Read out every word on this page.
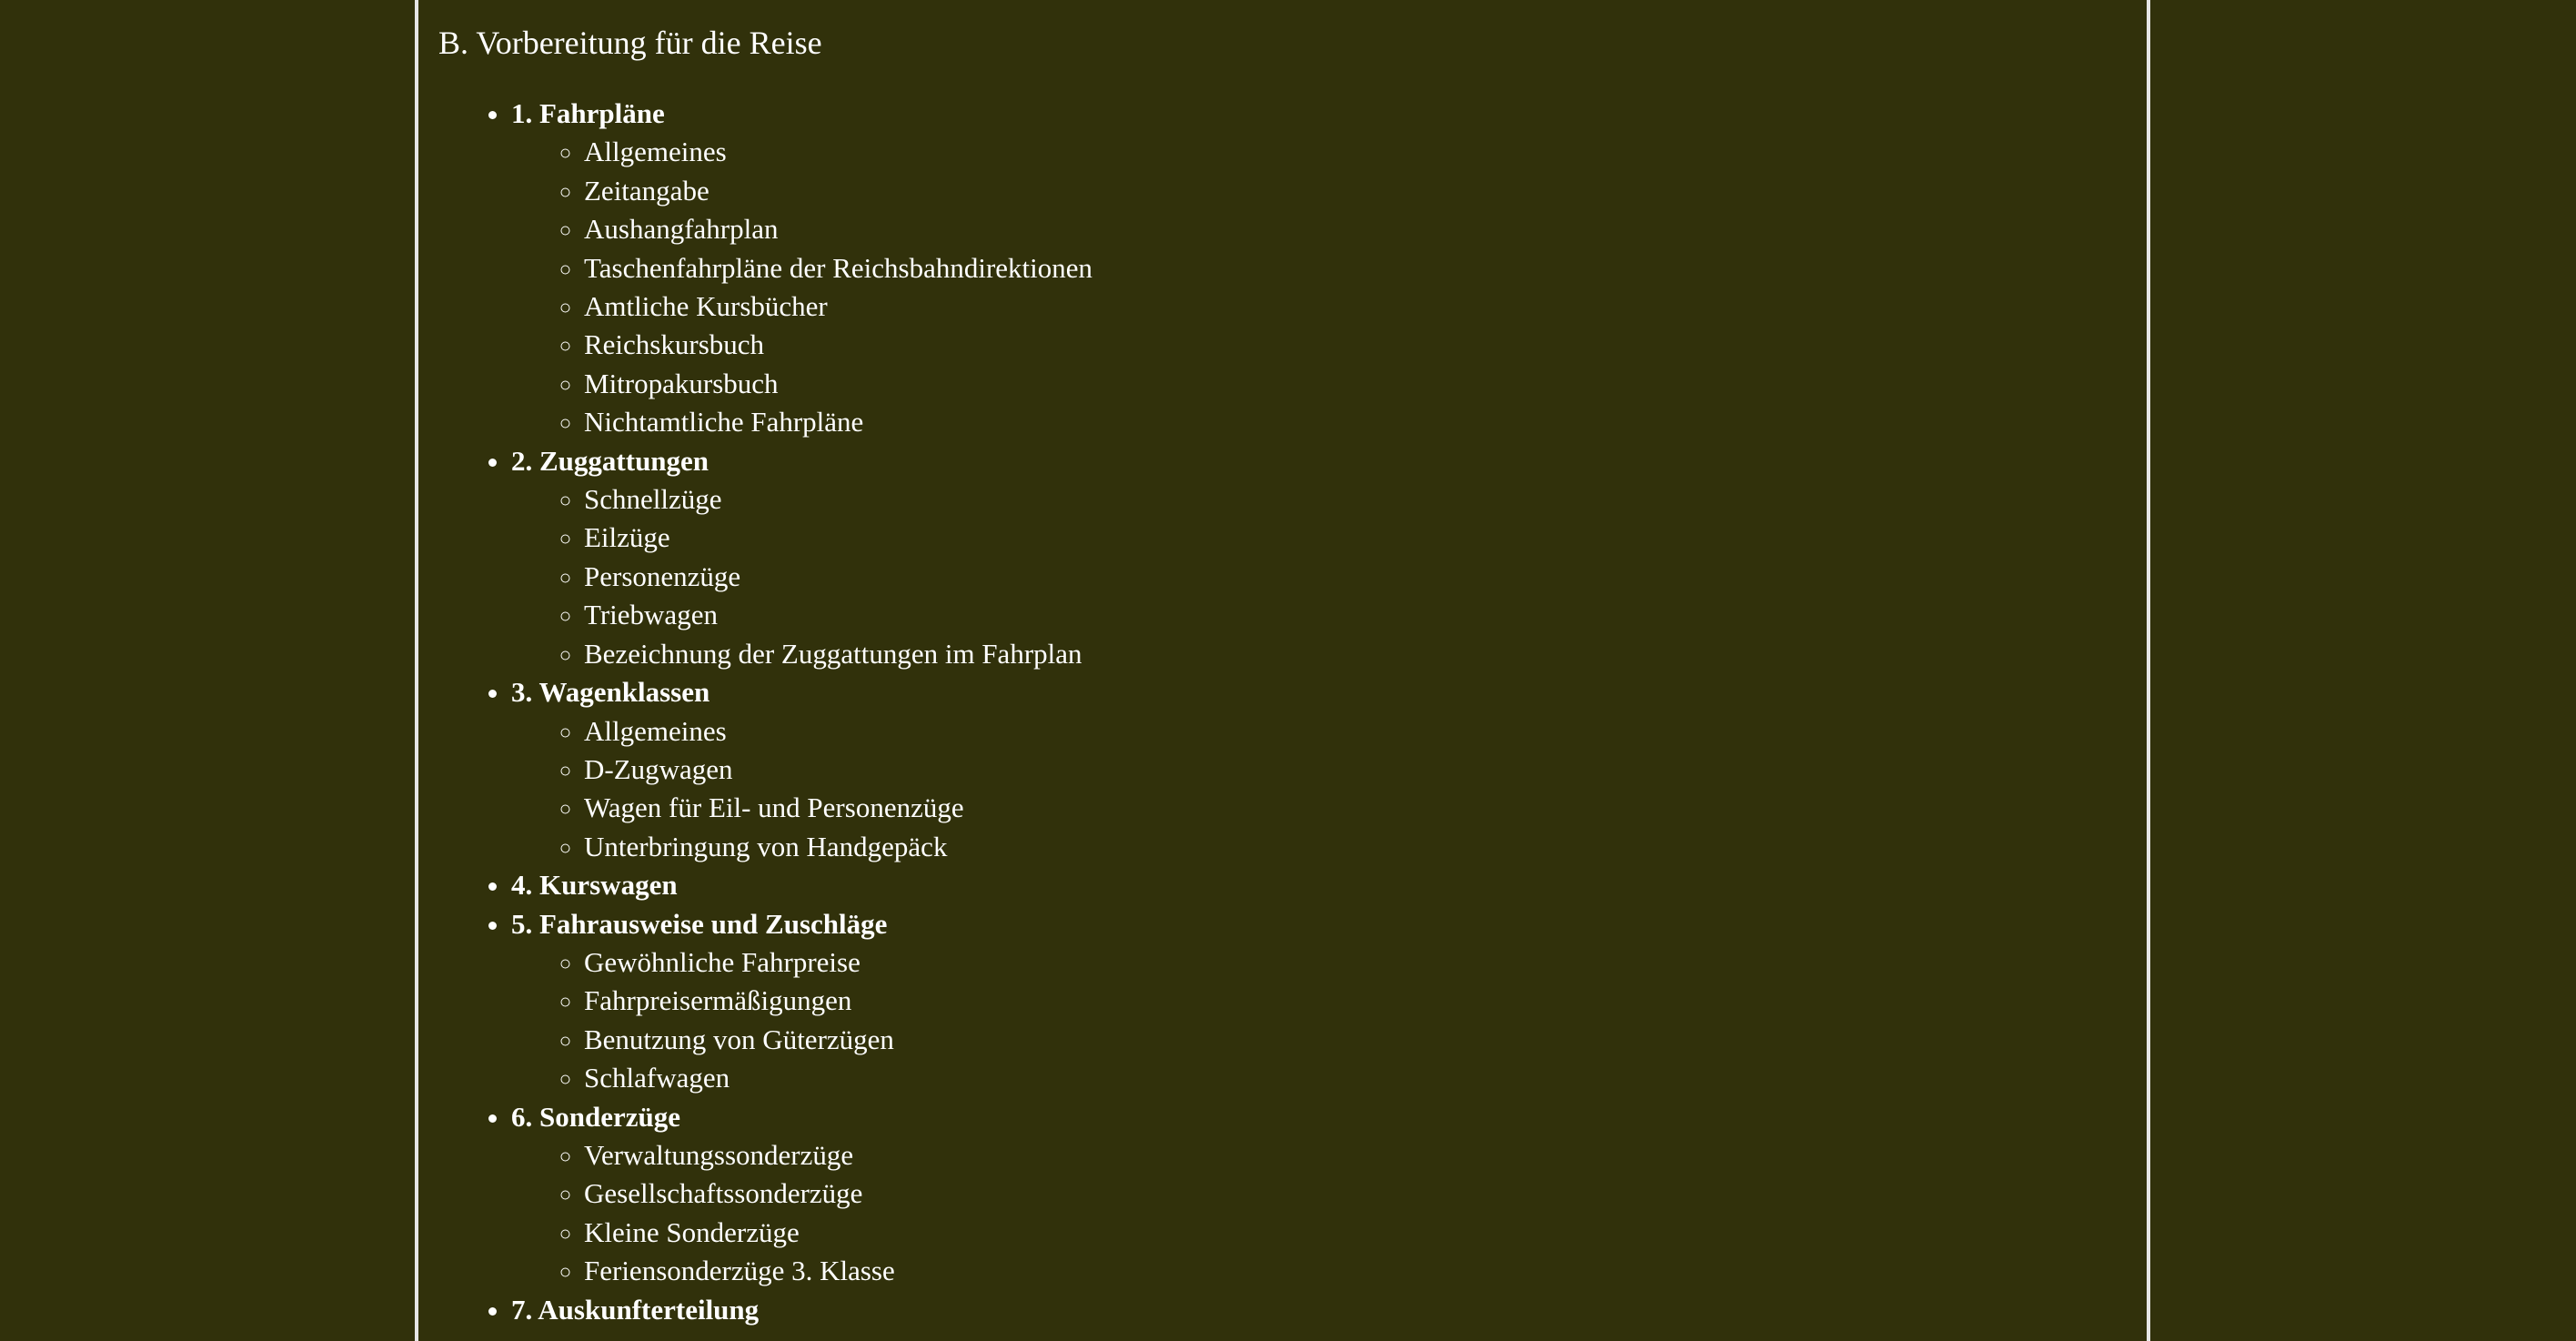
B. Vorbereitung für die Reise
• 1. Fahrpläne
◦ Allgemeines
◦ Zeitangabe
◦ Aushangfahrplan
◦ Taschenfahrpläne der Reichsbahndirektionen
◦ Amtliche Kursbücher
◦ Reichskursbuch
◦ Mitropakursbuch
◦ Nichtamtliche Fahrpläne
• 2. Zuggattungen
◦ Schnellzüge
◦ Eilzüge
◦ Personenzüge
◦ Triebwagen
◦ Bezeichnung der Zuggattungen im Fahrplan
• 3. Wagenklassen
◦ Allgemeines
◦ D-Zugwagen
◦ Wagen für Eil- und Personenzüge
◦ Unterbringung von Handgepäck
• 4. Kurswagen
• 5. Fahrausweise und Zuschläge
◦ Gewöhnliche Fahrpreise
◦ Fahrpreisermäßigungen
◦ Benutzung von Güterzügen
◦ Schlafwagen
• 6. Sonderzüge
◦ Verwaltungssonderzüge
◦ Gesellschaftssonderzüge
◦ Kleine Sonderzüge
◦ Feriensonderzüge 3. Klasse
• 7. Auskunfterteilung
